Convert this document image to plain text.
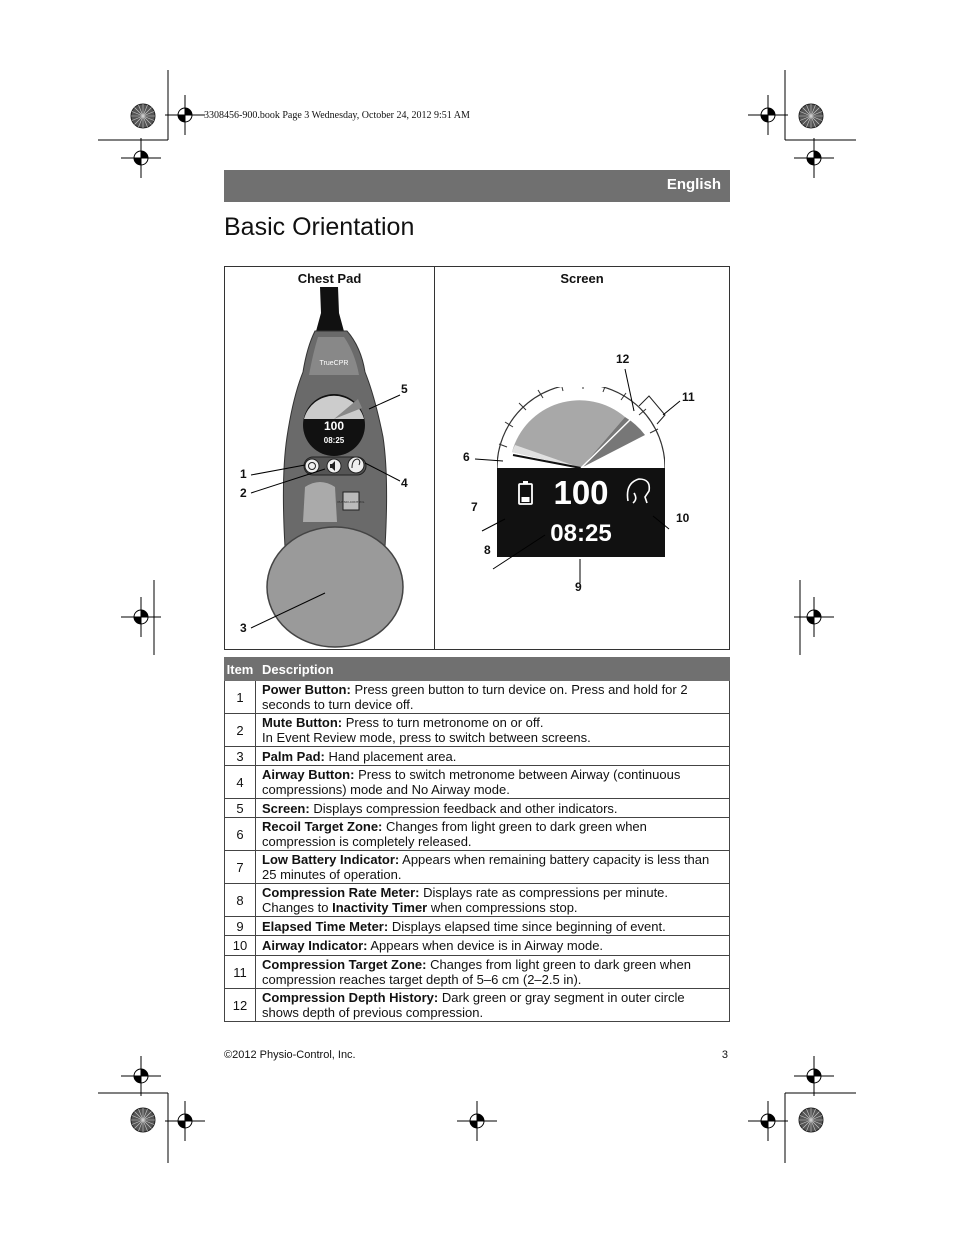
3308456-900.book Page 3 Wednesday, October 24, 2012 9:51 AM
English
Basic Orientation
Chest Pad	Screen
TrueCPR
100
08:25
PHYSIO-CONTROL
5
1
2
4
3
100
08:25
12
11
6
7
10
8
9
Item	Description
1	Power Button: Press green button to turn device on. Press and hold for 2 seconds to turn device off.
2	Mute Button: Press to turn metronome on or off.
In Event Review mode, press to switch between screens.
3	Palm Pad: Hand placement area.
4	Airway Button: Press to switch metronome between Airway (continuous compressions) mode and No Airway mode.
5	Screen: Displays compression feedback and other indicators.
6	Recoil Target Zone: Changes from light green to dark green when compression is completely released.
7	Low Battery Indicator: Appears when remaining battery capacity is less than 25 minutes of operation.
8	Compression Rate Meter: Displays rate as compressions per minute. Changes to Inactivity Timer when compressions stop.
9	Elapsed Time Meter: Displays elapsed time since beginning of event.
10	Airway Indicator: Appears when device is in Airway mode.
11	Compression Target Zone: Changes from light green to dark green when compression reaches target depth of 5–6 cm (2–2.5 in).
12	Compression Depth History: Dark green or gray segment in outer circle shows depth of previous compression.
©2012 Physio-Control, Inc.	3
